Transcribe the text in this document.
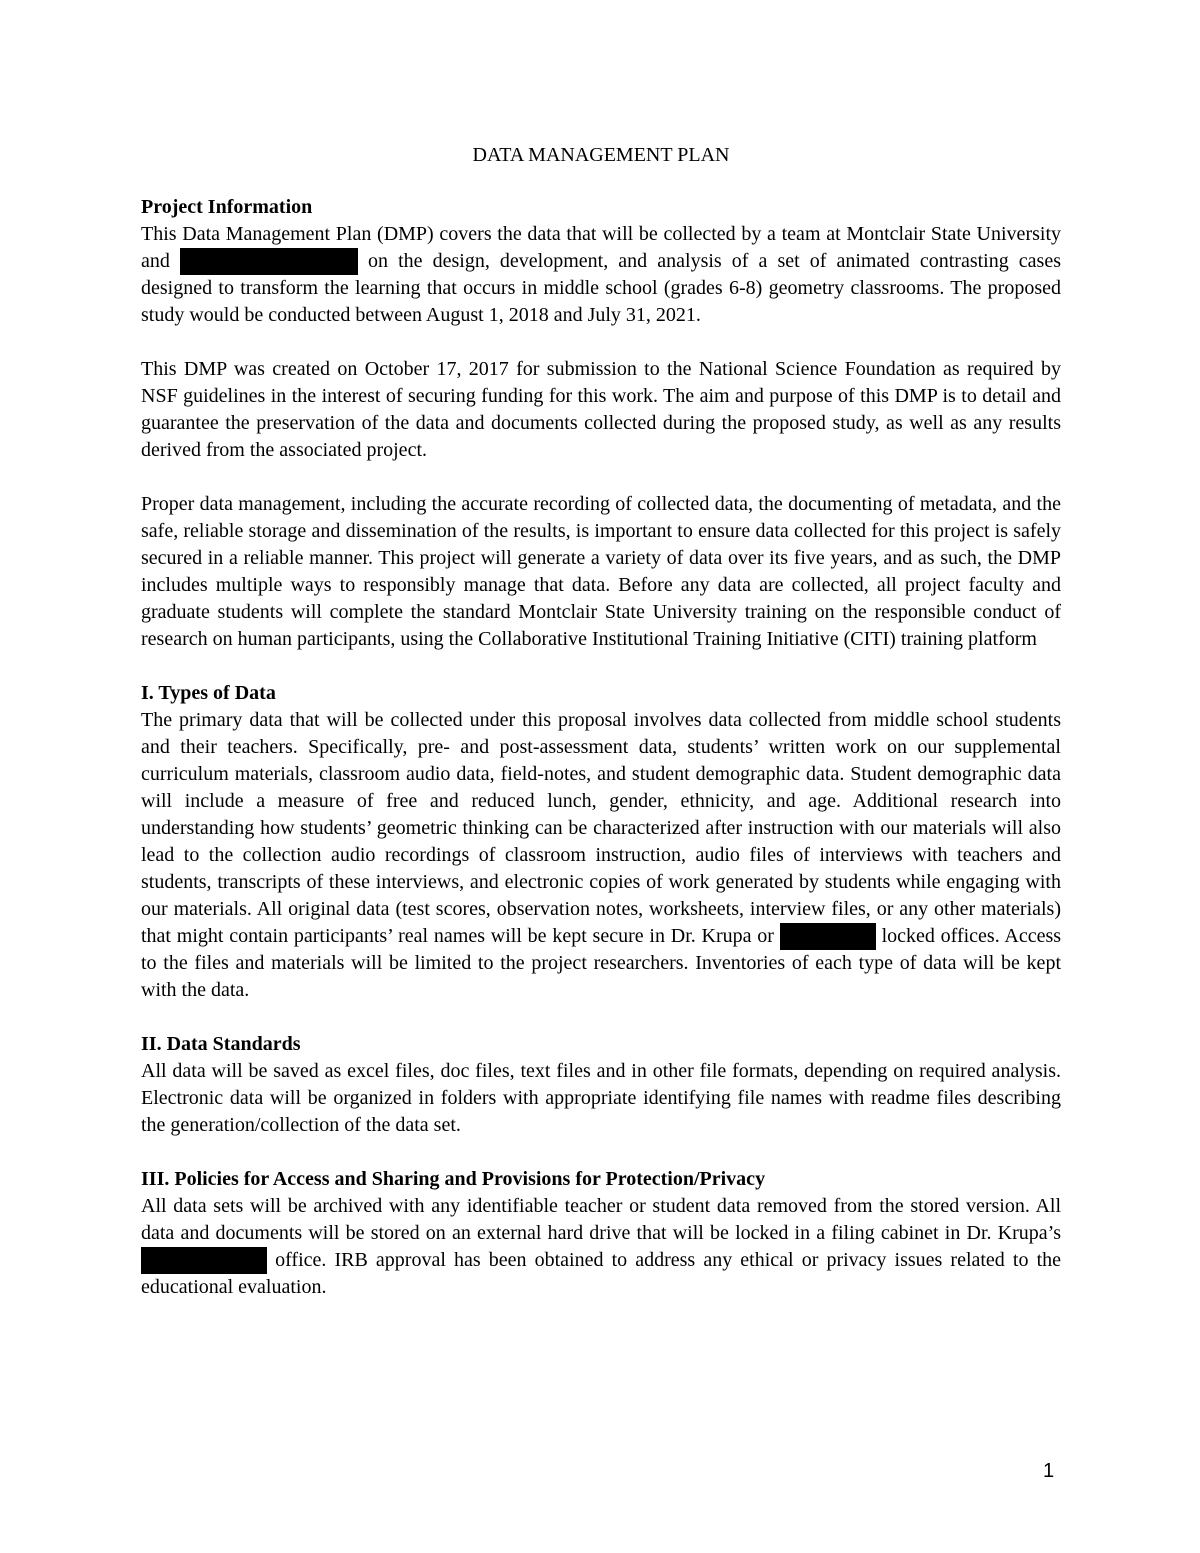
DATA MANAGEMENT PLAN
Project Information

This Data Management Plan (DMP) covers the data that will be collected by a team at Montclair State University and	on the design, development, and analysis of a set of animated contrasting cases designed to transform the learning that occurs in middle school (grades 6-8) geometry classrooms. The proposed study would be conducted between August 1, 2018 and July 31, 2021.

This DMP was created on October 17, 2017 for submission to the National Science Foundation as required by NSF guidelines in the interest of securing funding for this work. The aim and purpose of this DMP is to detail and guarantee the preservation of the data and documents collected during the proposed study, as well as any results derived from the associated project.

Proper data management, including the accurate recording of collected data, the documenting of metadata, and the safe, reliable storage and dissemination of the results, is important to ensure data collected for this project is safely secured in a reliable manner. This project will generate a variety of data over its five years, and as such, the DMP includes multiple ways to responsibly manage that data. Before any data are collected, all project faculty and graduate students will complete the standard Montclair State University training on the responsible conduct of research on human participants, using the Collaborative Institutional Training Initiative (CITI) training platform

I. Types of Data

The primary data that will be collected under this proposal involves data collected from middle school students and their teachers. Specifically, pre- and post-assessment data, students’ written work on our supplemental curriculum materials, classroom audio data, field-notes, and student demographic data. Student demographic data will include a measure of free and reduced lunch, gender, ethnicity, and age. Additional research into understanding how students’ geometric thinking can be characterized after instruction with our materials will also lead to the collection audio recordings of classroom instruction, audio files of interviews with teachers and students, transcripts of these interviews, and electronic copies of work generated by students while engaging with our materials. All original data (test scores, observation notes, worksheets, interview files, or any other materials) that might contain participants’ real names will be kept secure in Dr. Krupa or	locked offices. Access to the files and materials will be limited to the project researchers. Inventories of each type of data will be kept with the data.

II. Data Standards

All data will be saved as excel files, doc files, text files and in other file formats, depending on required analysis. Electronic data will be organized in folders with appropriate identifying file names with readme files describing the generation/collection of the data set.

III. Policies for Access and Sharing and Provisions for Protection/Privacy

All data sets will be archived with any identifiable teacher or student data removed from the stored version. All data and documents will be stored on an external hard drive that will be locked in a filing cabinet in Dr. Krupa’s  office. IRB approval has been obtained to address any ethical or privacy issues related to the educational evaluation.

1
